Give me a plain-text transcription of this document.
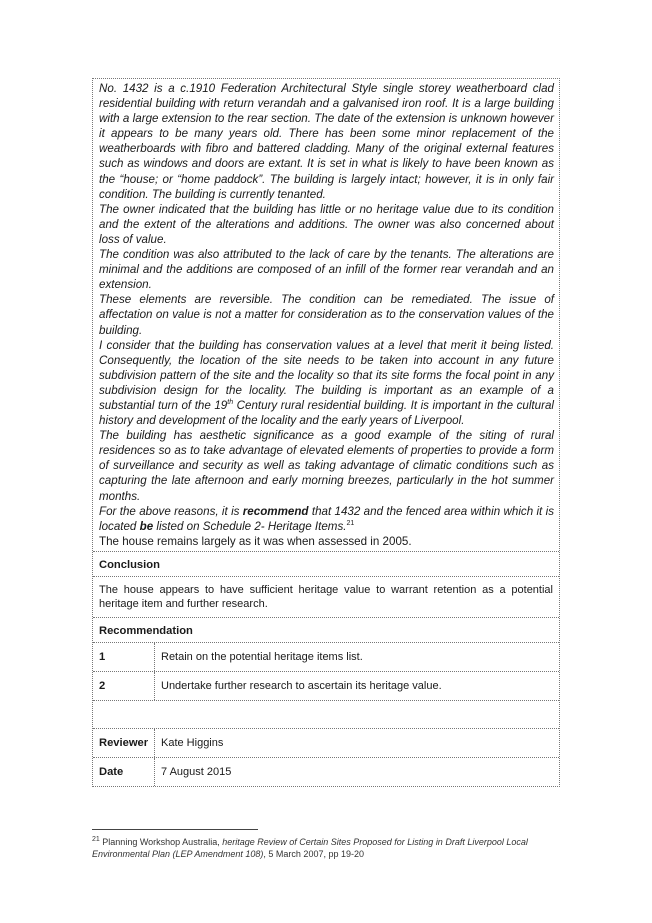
No. 1432 is a c.1910 Federation Architectural Style single storey weatherboard clad residential building with return verandah and a galvanised iron roof. It is a large building with a large extension to the rear section. The date of the extension is unknown however it appears to be many years old. There has been some minor replacement of the weatherboards with fibro and battered cladding. Many of the original external features such as windows and doors are extant. It is set in what is likely to have been known as the “house; or “home paddock”. The building is largely intact; however, it is in only fair condition. The building is currently tenanted.

The owner indicated that the building has little or no heritage value due to its condition and the extent of the alterations and additions. The owner was also concerned about loss of value.

The condition was also attributed to the lack of care by the tenants. The alterations are minimal and the additions are composed of an infill of the former rear verandah and an extension.

These elements are reversible. The condition can be remediated. The issue of affectation on value is not a matter for consideration as to the conservation values of the building.

I consider that the building has conservation values at a level that merit it being listed. Consequently, the location of the site needs to be taken into account in any future subdivision pattern of the site and the locality so that its site forms the focal point in any subdivision design for the locality. The building is important as an example of a substantial turn of the 19th Century rural residential building. It is important in the cultural history and development of the locality and the early years of Liverpool.

The building has aesthetic significance as a good example of the siting of rural residences so as to take advantage of elevated elements of properties to provide a form of surveillance and security as well as taking advantage of climatic conditions such as capturing the late afternoon and early morning breezes, particularly in the hot summer months.

For the above reasons, it is recommend that 1432 and the fenced area within which it is located be listed on Schedule 2- Heritage Items.$^{21}$

The house remains largely as it was when assessed in 2005.

Conclusion
The house appears to have sufficient heritage value to warrant retention as a potential heritage item and further research.
Recommendation
1	Retain on the potential heritage items list.
2	Undertake further research to ascertain its heritage value.
Reviewer	Kate Higgins
Date	7 August 2015
$^{21}$ Planning Workshop Australia, heritage Review of Certain Sites Proposed for Listing in Draft Liverpool Local Environmental Plan (LEP Amendment 108), 5 March 2007, pp 19-20
